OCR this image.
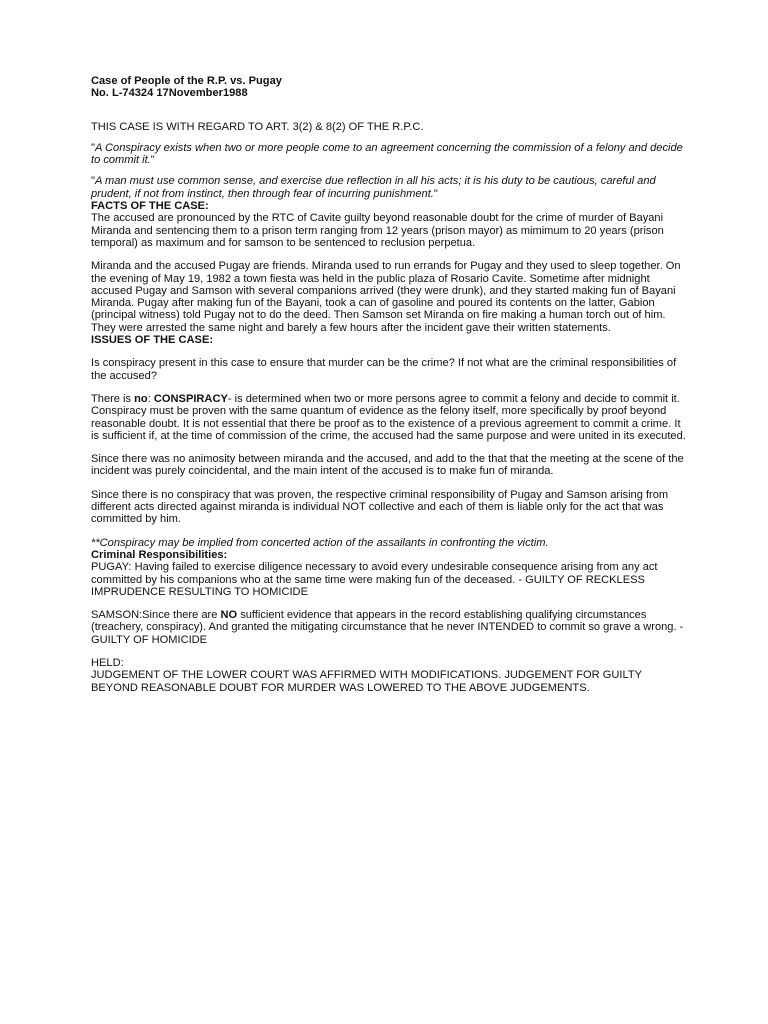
Case of People of the R.P. vs. Pugay
No. L-74324 17November1988

THIS CASE IS WITH REGARD TO ART. 3(2) & 8(2) OF THE R.P.C.

"A Conspiracy exists when two or more people come to an agreement concerning the commission of a felony and decide to commit it."

"A man must use common sense, and exercise due reflection in all his acts; it is his duty to be cautious, careful and prudent, if not from instinct, then through fear of incurring punishment."

FACTS OF THE CASE:

The accused are pronounced by the RTC of Cavite guilty beyond reasonable doubt for the crime of murder of Bayani Miranda and sentencing them to a prison term ranging from 12 years (prison mayor) as mimimum to 20 years (prison temporal) as maximum and for samson to be sentenced to reclusion perpetua.

Miranda and the accused Pugay are friends. Miranda used to run errands for Pugay and they used to sleep together. On the evening of May 19, 1982 a town fiesta was held in the public plaza of Rosario Cavite. Sometime after midnight accused Pugay and Samson with several companions arrived (they were drunk), and they started making fun of Bayani Miranda. Pugay after making fun of the Bayani, took a can of gasoline and poured its contents on the latter, Gabion (principal witness) told Pugay not to do the deed. Then Samson set Miranda on fire making a human torch out of him. They were arrested the same night and barely a few hours after the incident gave their written statements.

ISSUES OF THE CASE:

Is conspiracy present in this case to ensure that murder can be the crime? If not what are the criminal responsibilities of the accused?

There is no: CONSPIRACY- is determined when two or more persons agree to commit a felony and decide to commit it. Conspiracy must be proven with the same quantum of evidence as the felony itself, more specifically by proof beyond reasonable doubt. It is not essential that there be proof as to the existence of a previous agreement to commit a crime. It is sufficient if, at the time of commission of the crime, the accused had the same purpose and were united in its executed.

Since there was no animosity between miranda and the accused, and add to the that that the meeting at the scene of the incident was purely coincidental, and the main intent of the accused is to make fun of miranda.

Since there is no conspiracy that was proven, the respective criminal responsibility of Pugay and Samson arising from different acts directed against miranda is individual NOT collective and each of them is liable only for the act that was committed by him.

**Conspiracy may be implied from concerted action of the assailants in confronting the victim.

Criminal Responsibilities:

PUGAY: Having failed to exercise diligence necessary to avoid every undesirable consequence arising from any act committed by his companions who at the same time were making fun of the deceased. - GUILTY OF RECKLESS IMPRUDENCE RESULTING TO HOMICIDE

SAMSON:Since there are NO sufficient evidence that appears in the record establishing qualifying circumstances (treachery, conspiracy). And granted the mitigating circumstance that he never INTENDED to commit so grave a wrong. - GUILTY OF HOMICIDE

HELD:

JUDGEMENT OF THE LOWER COURT WAS AFFIRMED WITH MODIFICATIONS. JUDGEMENT FOR GUILTY BEYOND REASONABLE DOUBT FOR MURDER WAS LOWERED TO THE ABOVE JUDGEMENTS.
